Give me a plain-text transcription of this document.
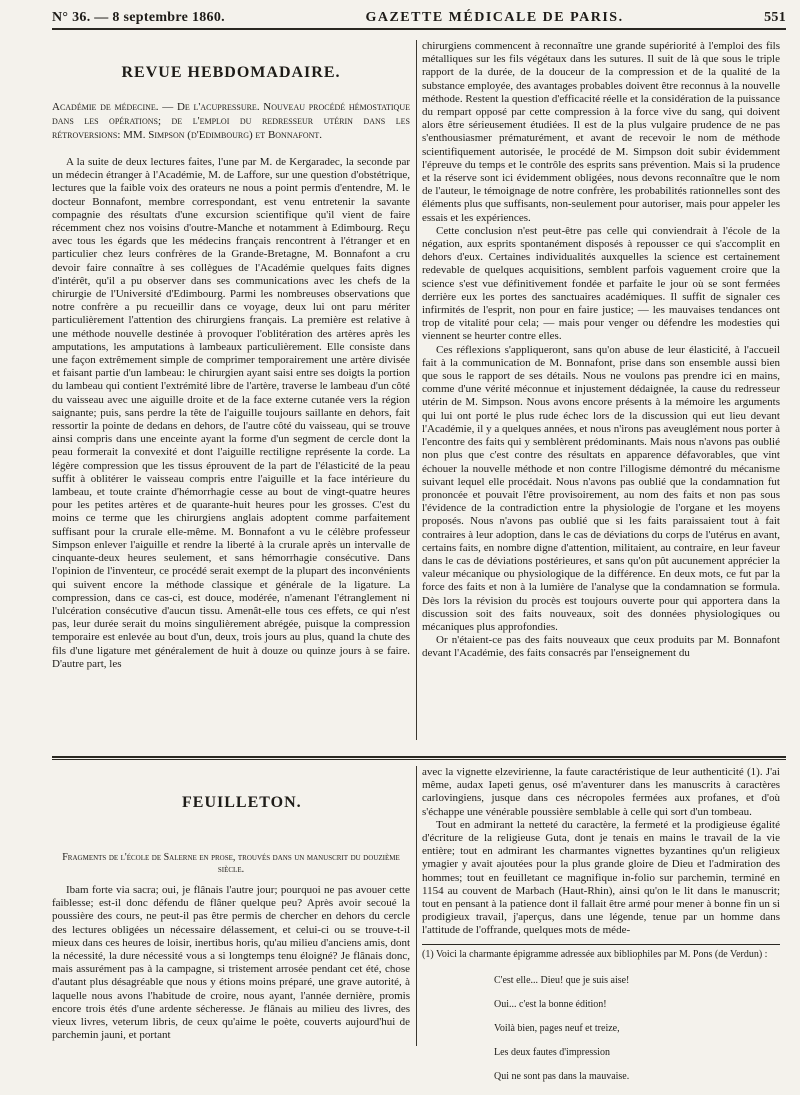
N° 36. — 8 septembre 1860.	GAZETTE MÉDICALE DE PARIS.	551
REVUE HEBDOMADAIRE.
Académie de médecine. — De l'acupressure. Nouveau procédé hémostatique dans les opérations; de l'emploi du redresseur utérin dans les rétroversions: MM. Simpson (d'Edimbourg) et Bonnafont.

A la suite de deux lectures faites, l'une par M. de Kergaradec, la seconde par un médecin étranger à l'Académie, M. de Laffore, sur une question d'obstétrique, lectures que la faible voix des orateurs ne nous a point permis d'entendre, M. le docteur Bonnafont, membre correspondant, est venu entretenir la savante compagnie des résultats d'une excursion scientifique qu'il vient de faire récemment chez nos voisins d'outre-Manche et notamment à Edimbourg. Reçu avec tous les égards que les médecins français rencontrent à l'étranger et en particulier chez leurs confrères de la Grande-Bretagne, M. Bonnafont a cru devoir faire connaître à ses collègues de l'Académie quelques faits dignes d'intérêt, qu'il a pu observer dans ses communications avec les chefs de la chirurgie de l'Université d'Edimbourg. Parmi les nombreuses observations que notre confrère a pu recueillir dans ce voyage, deux lui ont paru mériter particulièrement l'attention des chirurgiens français. La première est relative à une méthode nouvelle destinée à provoquer l'oblitération des artères après les amputations, les amputations à lambeaux particulièrement. Elle consiste dans une façon extrêmement simple de comprimer temporairement une artère divisée et faisant partie d'un lambeau: le chirurgien ayant saisi entre ses doigts la portion du lambeau qui contient l'extrémité libre de l'artère, traverse le lambeau d'un côté du vaisseau avec une aiguille droite et de la face externe cutanée vers la région saignante; puis, sans perdre la tête de l'aiguille toujours saillante en dehors, fait ressortir la pointe de dedans en dehors, de l'autre côté du vaisseau, qui se trouve ainsi compris dans une enceinte ayant la forme d'un segment de cercle dont la peau formerait la convexité et dont l'aiguille rectiligne représente la corde. La légère compression que les tissus éprouvent de la part de l'élasticité de la peau suffit à oblitérer le vaisseau compris entre l'aiguille et la face intérieure du lambeau, et toute crainte d'hémorrhagie cesse au bout de vingt-quatre heures pour les petites artères et de quarante-huit heures pour les grosses. C'est du moins ce terme que les chirurgiens anglais adoptent comme parfaitement suffisant pour la crurale elle-même. M. Bonnafont a vu le célèbre professeur Simpson enlever l'aiguille et rendre la liberté à la crurale après un intervalle de cinquante-deux heures seulement, et sans hémorrhagie consécutive. Dans l'opinion de l'inventeur, ce procédé serait exempt de la plupart des inconvénients qui suivent encore la méthode classique et générale de la ligature. La compression, dans ce cas-ci, est douce, modérée, n'amenant l'étranglement ni l'ulcération consécutive d'aucun tissu. Amenât-elle tous ces effets, ce qui n'est pas, leur durée serait du moins singulièrement abrégée, puisque la compression temporaire est enlevée au bout d'un, deux, trois jours au plus, quand la chute des fils d'une ligature met généralement de huit à douze ou quinze jours à se faire. D'autre part, les

chirurgiens commencent à reconnaître une grande supériorité à l'emploi des fils métalliques sur les fils végétaux dans les sutures. Il suit de là que sous le triple rapport de la durée, de la douceur de la compression et de la qualité de la substance employée, des avantages probables doivent être reconnus à la nouvelle méthode. Restent la question d'efficacité réelle et la considération de la puissance du rempart opposé par cette compression à la force vive du sang, qui doivent alors être sérieusement étudiées. Il est de la plus vulgaire prudence de ne pas s'enthousiasmer prématurément, et avant de recevoir le nom de méthode scientifiquement autorisée, le procédé de M. Simpson doit subir évidemment l'épreuve du temps et le contrôle des esprits sans prévention. Mais si la prudence et la réserve sont ici évidemment obligées, nous devons reconnaître que le nom de l'auteur, le témoignage de notre confrère, les probabilités rationnelles sont des éléments plus que suffisants, non-seulement pour autoriser, mais pour appeler les essais et les expériences.

Cette conclusion n'est peut-être pas celle qui conviendrait à l'école de la négation, aux esprits spontanément disposés à repousser ce qui s'accomplit en dehors d'eux. Certaines individualités auxquelles la science est certainement redevable de quelques acquisitions, semblent parfois vaguement croire que la science s'est vue définitivement fondée et parfaite le jour où se sont fermées derrière eux les portes des sanctuaires académiques. Il suffit de signaler ces infirmités de l'esprit, non pour en faire justice; — les mauvaises tendances ont trop de vitalité pour cela; — mais pour venger ou défendre les modesties qui viennent se heurter contre elles.

Ces réflexions s'appliqueront, sans qu'on abuse de leur élasticité, à l'accueil fait à la communication de M. Bonnafont, prise dans son ensemble aussi bien que sous le rapport de ses détails. Nous ne voulons pas prendre ici en mains, comme d'une vérité méconnue et injustement dédaignée, la cause du redresseur utérin de M. Simpson. Nous avons encore présents à la mémoire les arguments qui lui ont porté le plus rude échec lors de la discussion qui eut lieu devant l'Académie, il y a quelques années, et nous n'irons pas aveuglément nous porter à l'encontre des faits qui y semblèrent prédominants. Mais nous n'avons pas oublié non plus que c'est contre des résultats en apparence défavorables, que vint échouer la nouvelle méthode et non contre l'illogisme démontré du mécanisme suivant lequel elle procédait. Nous n'avons pas oublié que la condamnation fut prononcée et pouvait l'être provisoirement, au nom des faits et non pas sous l'évidence de la contradiction entre la physiologie de l'organe et les moyens proposés. Nous n'avons pas oublié que si les faits paraissaient tout à fait contraires à leur adoption, dans le cas de déviations du corps de l'utérus en avant, certains faits, en nombre digne d'attention, militaient, au contraire, en leur faveur dans le cas de déviations postérieures, et sans qu'on pût aucunement apprécier la valeur mécanique ou physiologique de la différence. En deux mots, ce fut par la force des faits et non à la lumière de l'analyse que la condamnation se formula. Dès lors la révision du procès est toujours ouverte pour qui apportera dans la discussion soit des faits nouveaux, soit des données physiologiques ou mécaniques plus approfondies.

Or n'étaient-ce pas des faits nouveaux que ceux produits par M. Bonnafont devant l'Académie, des faits consacrés par l'enseignement du

FEUILLETON.
Fragments de l'école de Salerne en prose, trouvés dans un manuscrit du douzième siècle.

Ibam forte via sacra; oui, je flânais l'autre jour; pourquoi ne pas avouer cette faiblesse; est-il donc défendu de flâner quelque peu? Après avoir secoué la poussière des cours, ne peut-il pas être permis de chercher en dehors du cercle des lectures obligées un nécessaire délassement, et celui-ci ou se trouve-t-il mieux dans ces heures de loisir, inertibus horis, qu'au milieu d'anciens amis, dont la nécessité, la dure nécessité vous a si longtemps tenu éloigné? Je flânais donc, mais assurément pas à la campagne, si tristement arrosée pendant cet été, chose d'autant plus désagréable que nous y étions moins préparé, une grave autorité, à laquelle nous avons l'habitude de croire, nous ayant, l'année dernière, promis encore trois étés d'une ardente sécheresse. Je flânais au milieu des livres, des vieux livres, veterum libris, de ceux qu'aime le poète, couverts aujourd'hui de parchemin jauni, et portant

avec la vignette elzevirienne, la faute caractéristique de leur authenticité (1). J'ai même, audax Iapeti genus, osé m'aventurer dans les manuscrits à caractères carlovingiens, jusque dans ces nécropoles fermées aux profanes, et d'où s'échappe une vénérable poussière semblable à celle qui sort d'un tombeau.

Tout en admirant la netteté du caractère, la fermeté et la prodigieuse égalité d'écriture de la religieuse Guta, dont je tenais en mains le travail de la vie entière; tout en admirant les charmantes vignettes byzantines qu'un religieux ymagier y avait ajoutées pour la plus grande gloire de Dieu et l'admiration des hommes; tout en feuilletant ce magnifique in-folio sur parchemin, terminé en 1154 au couvent de Marbach (Haut-Rhin), ainsi qu'on le lit dans le manuscrit; tout en pensant à la patience dont il fallait être armé pour mener à bonne fin un si prodigieux travail, j'aperçus, dans une légende, tenue par un homme dans l'attitude de l'offrande, quelques mots de méde-

(1) Voici la charmante épigramme adressée aux bibliophiles par M. Pons (de Verdun) :

C'est elle... Dieu! que je suis aise!

Oui... c'est la bonne édition!

Voilà bien, pages neuf et treize,

Les deux fautes d'impression

Qui ne sont pas dans la mauvaise.
